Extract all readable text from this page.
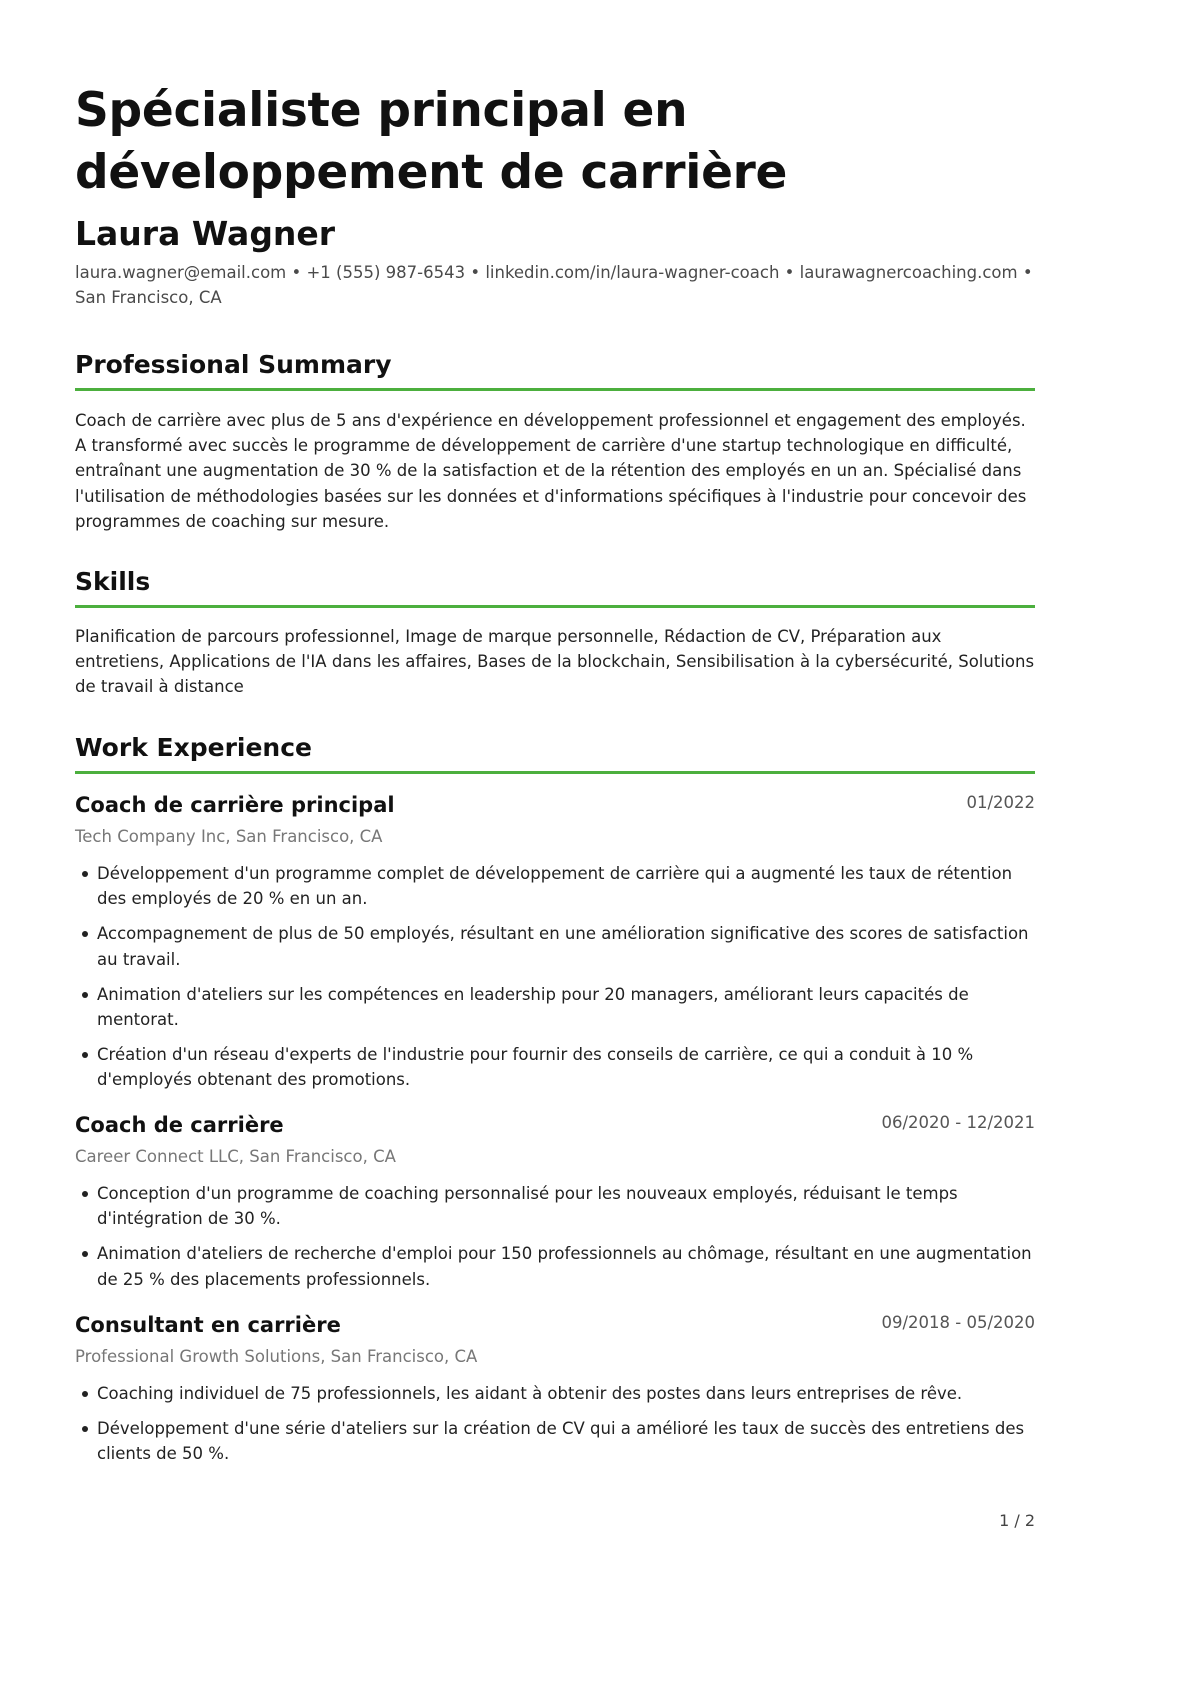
Spécialiste principal en développement de carrière
Laura Wagner
laura.wagner@email.com • +1 (555) 987-6543 • linkedin.com/in/laura-wagner-coach • laurawagnercoaching.com • San Francisco, CA
Professional Summary
Coach de carrière avec plus de 5 ans d'expérience en développement professionnel et engagement des employés. A transformé avec succès le programme de développement de carrière d'une startup technologique en difficulté, entraînant une augmentation de 30 % de la satisfaction et de la rétention des employés en un an. Spécialisé dans l'utilisation de méthodologies basées sur les données et d'informations spécifiques à l'industrie pour concevoir des programmes de coaching sur mesure.
Skills
Planification de parcours professionnel, Image de marque personnelle, Rédaction de CV, Préparation aux entretiens, Applications de l'IA dans les affaires, Bases de la blockchain, Sensibilisation à la cybersécurité, Solutions de travail à distance
Work Experience
Coach de carrière principal	01/2022
Tech Company Inc, San Francisco, CA
Développement d'un programme complet de développement de carrière qui a augmenté les taux de rétention des employés de 20 % en un an.
Accompagnement de plus de 50 employés, résultant en une amélioration significative des scores de satisfaction au travail.
Animation d'ateliers sur les compétences en leadership pour 20 managers, améliorant leurs capacités de mentorat.
Création d'un réseau d'experts de l'industrie pour fournir des conseils de carrière, ce qui a conduit à 10 % d'employés obtenant des promotions.
Coach de carrière	06/2020 - 12/2021
Career Connect LLC, San Francisco, CA
Conception d'un programme de coaching personnalisé pour les nouveaux employés, réduisant le temps d'intégration de 30 %.
Animation d'ateliers de recherche d'emploi pour 150 professionnels au chômage, résultant en une augmentation de 25 % des placements professionnels.
Consultant en carrière	09/2018 - 05/2020
Professional Growth Solutions, San Francisco, CA
Coaching individuel de 75 professionnels, les aidant à obtenir des postes dans leurs entreprises de rêve.
Développement d'une série d'ateliers sur la création de CV qui a amélioré les taux de succès des entretiens des clients de 50 %.
1 / 2
